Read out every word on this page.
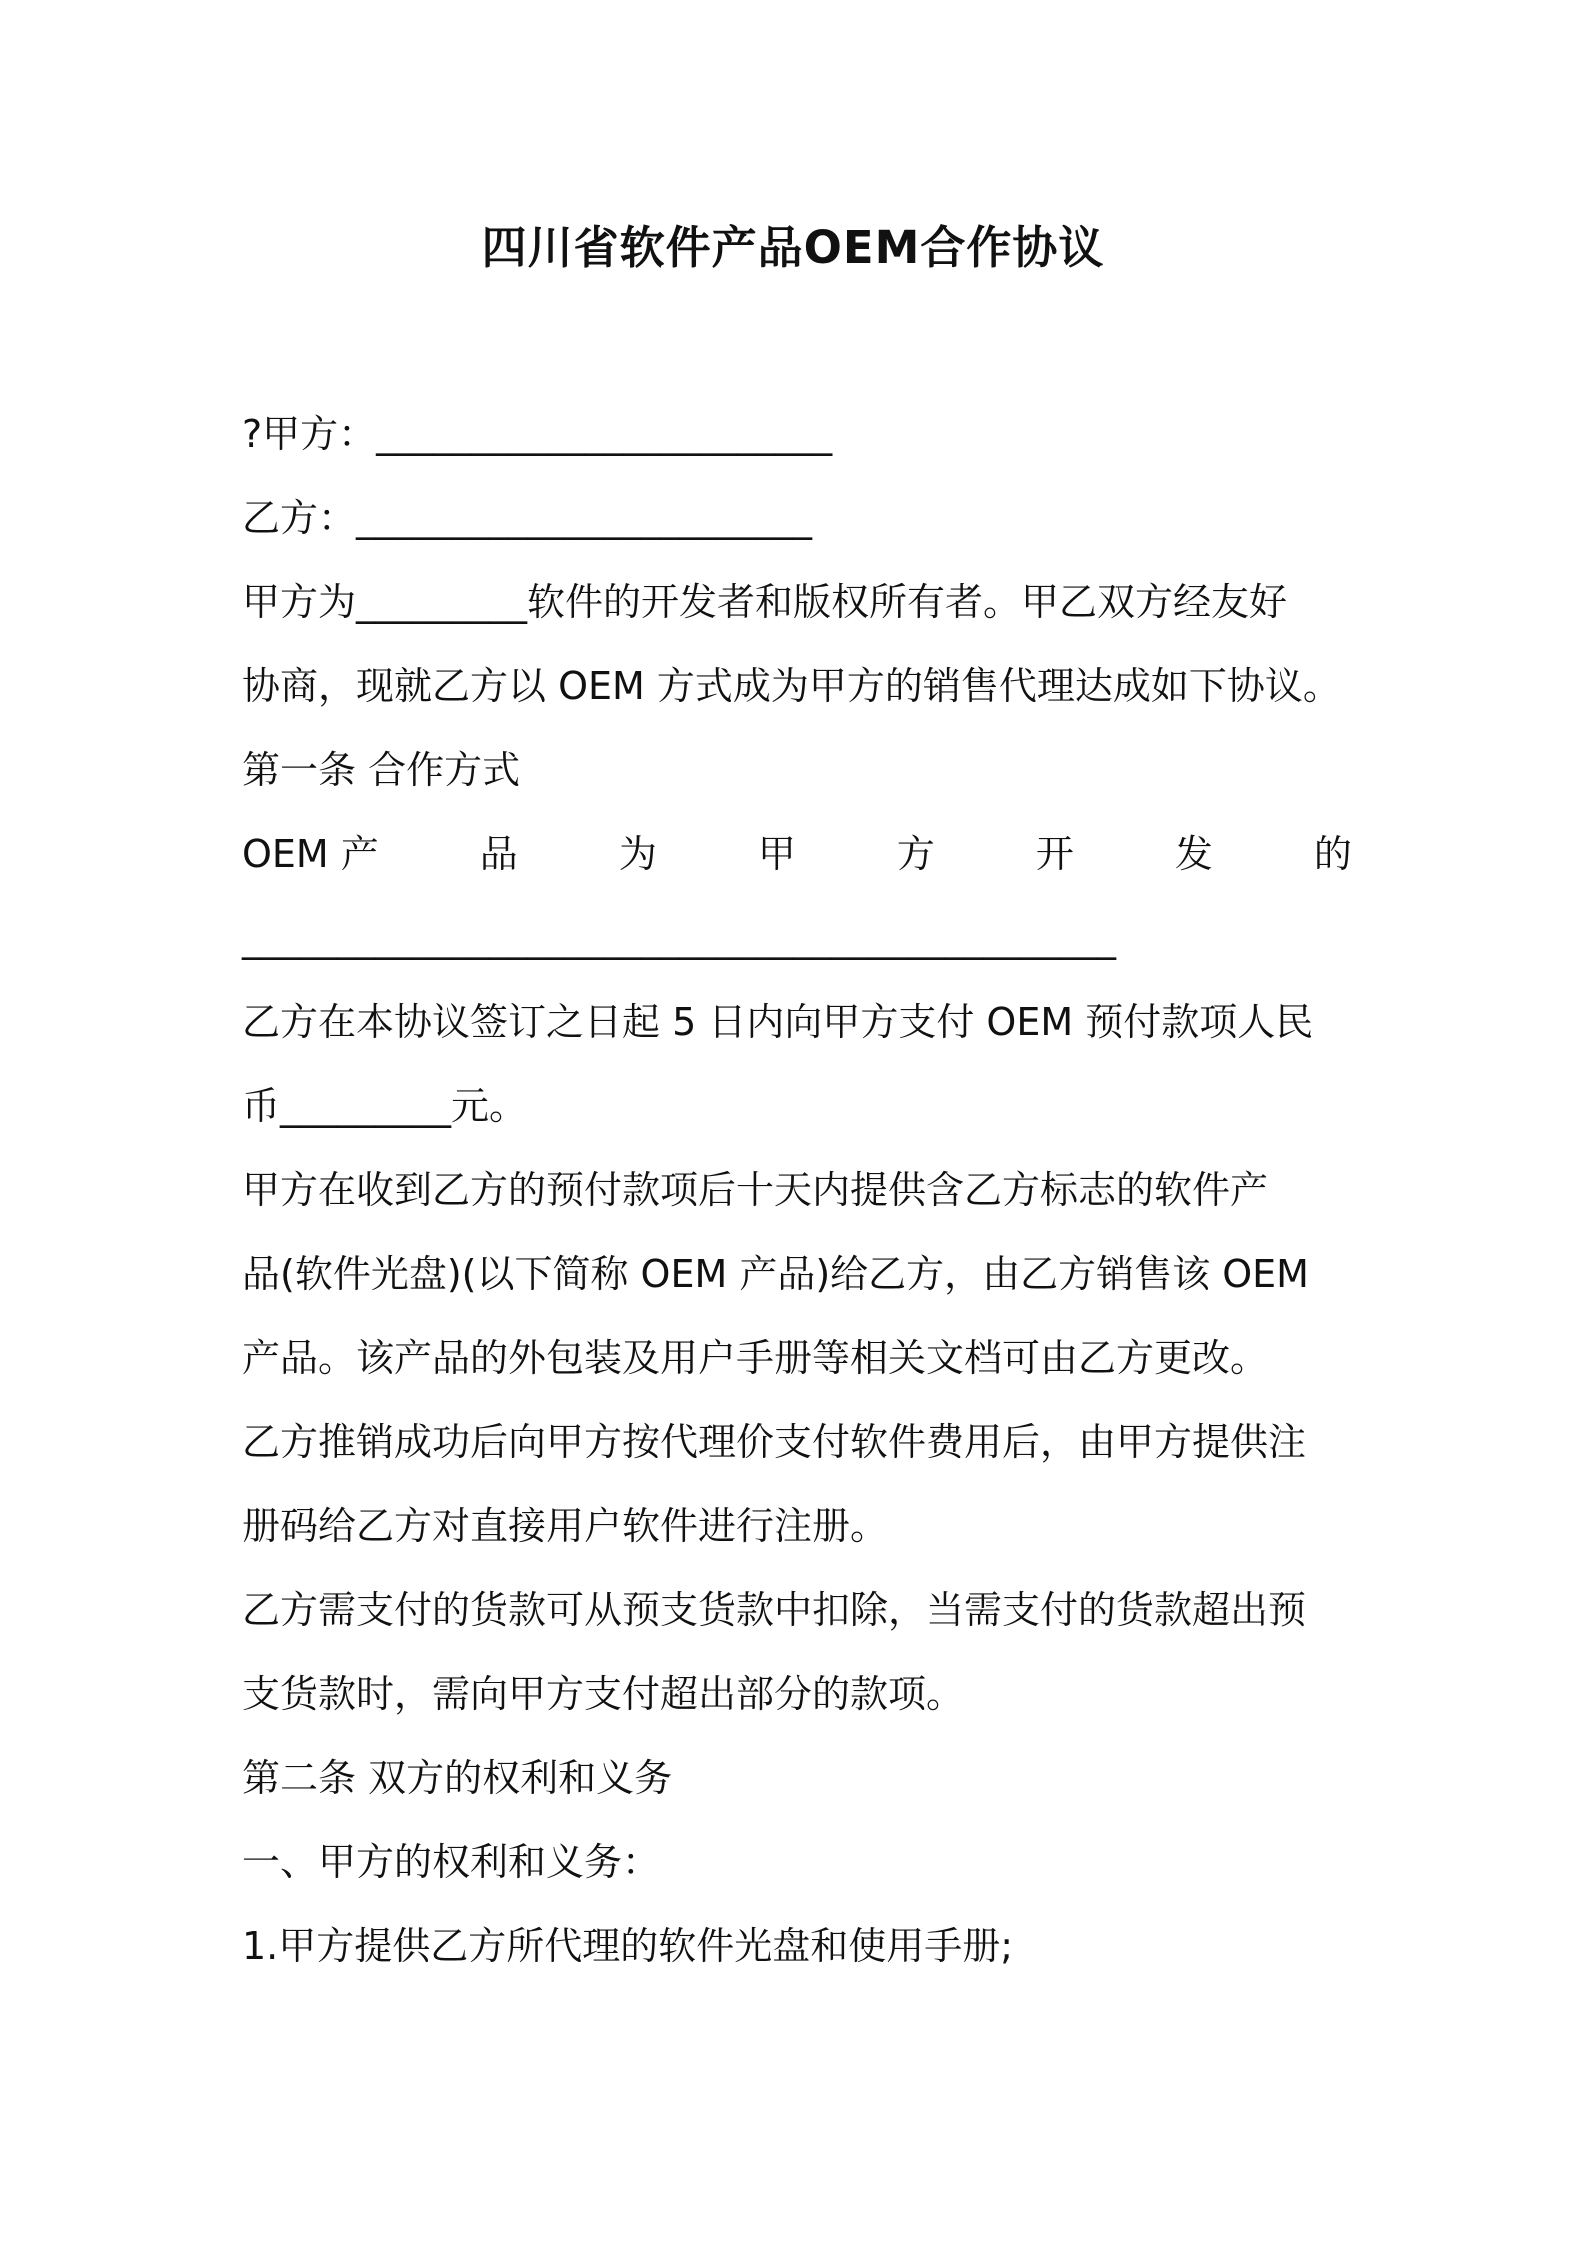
四川省软件产品OEM合作协议

?甲方：________________________

乙方：________________________

甲方为_________软件的开发者和版权所有者。甲乙双方经友好

协商，现就乙方以 OEM 方式成为甲方的销售代理达成如下协议。

第一条 合作方式

OEM 产	品	为	甲	方	开	发	的

______________________________________________

乙方在本协议签订之日起 5 日内向甲方支付 OEM 预付款项人民

币_________元。

甲方在收到乙方的预付款项后十天内提供含乙方标志的软件产

品(软件光盘)(以下简称 OEM 产品)给乙方，由乙方销售该 OEM

产品。该产品的外包装及用户手册等相关文档可由乙方更改。

乙方推销成功后向甲方按代理价支付软件费用后，由甲方提供注

册码给乙方对直接用户软件进行注册。

乙方需支付的货款可从预支货款中扣除，当需支付的货款超出预

支货款时，需向甲方支付超出部分的款项。

第二条 双方的权利和义务

一、甲方的权利和义务：

1.甲方提供乙方所代理的软件光盘和使用手册;
